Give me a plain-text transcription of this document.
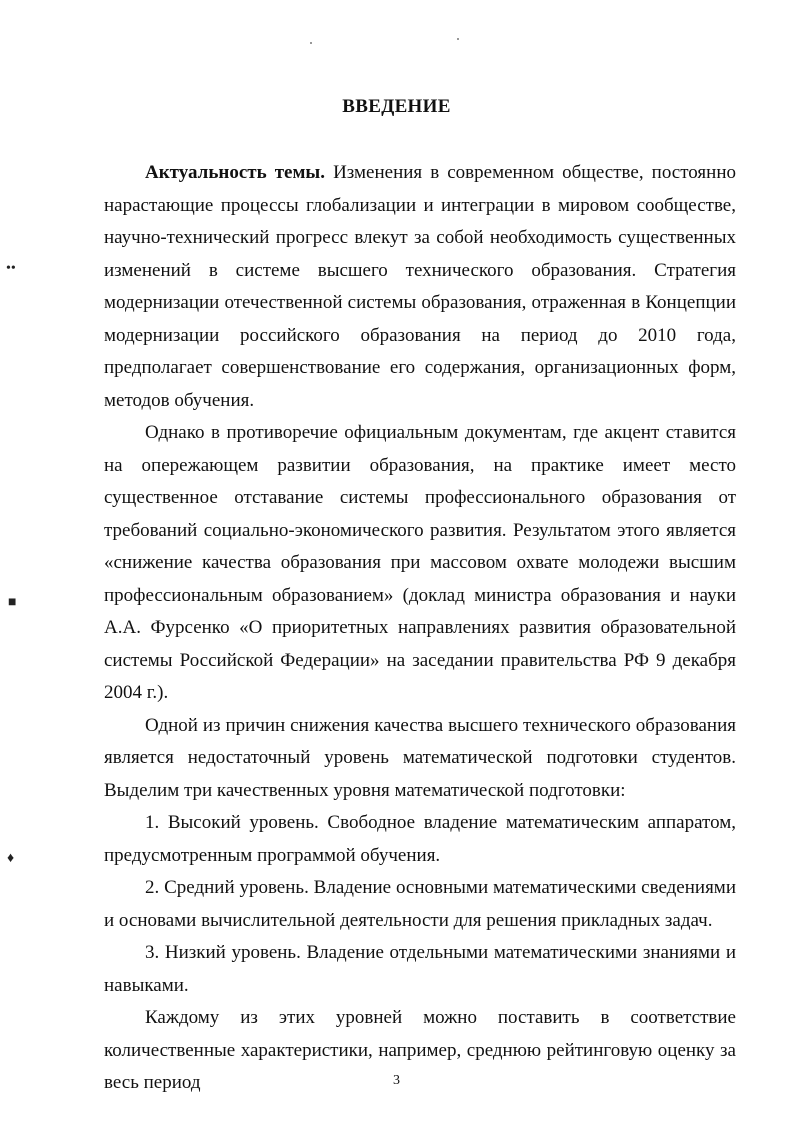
ВВЕДЕНИЕ

Актуальность темы. Изменения в современном обществе, постоянно нарастающие процессы глобализации и интеграции в мировом сообществе, научно-технический прогресс влекут за собой необходимость существенных изменений в системе высшего технического образования. Стратегия модернизации отечественной системы образования, отраженная в Концепции модернизации российского образования на период до 2010 года, предполагает совершенствование его содержания, организационных форм, методов обучения.

Однако в противоречие официальным документам, где акцент ставится на опережающем развитии образования, на практике имеет место существенное отставание системы профессионального образования от требований социально-экономического развития. Результатом этого является «снижение качества образования при массовом охвате молодежи высшим профессиональным образованием» (доклад министра образования и науки А.А. Фурсенко «О приоритетных направлениях развития образовательной системы Российской Федерации» на заседании правительства РФ 9 декабря 2004 г.).

Одной из причин снижения качества высшего технического образования является недостаточный уровень математической подготовки студентов. Выделим три качественных уровня математической подготовки:

1. Высокий уровень. Свободное владение математическим аппаратом, предусмотренным программой обучения.

2. Средний уровень. Владение основными математическими сведениями и основами вычислительной деятельности для решения прикладных задач.

3. Низкий уровень. Владение отдельными математическими знаниями и навыками.

Каждому из этих уровней можно поставить в соответствие количественные характеристики, например, среднюю рейтинговую оценку за весь период	3
••
■
♦
